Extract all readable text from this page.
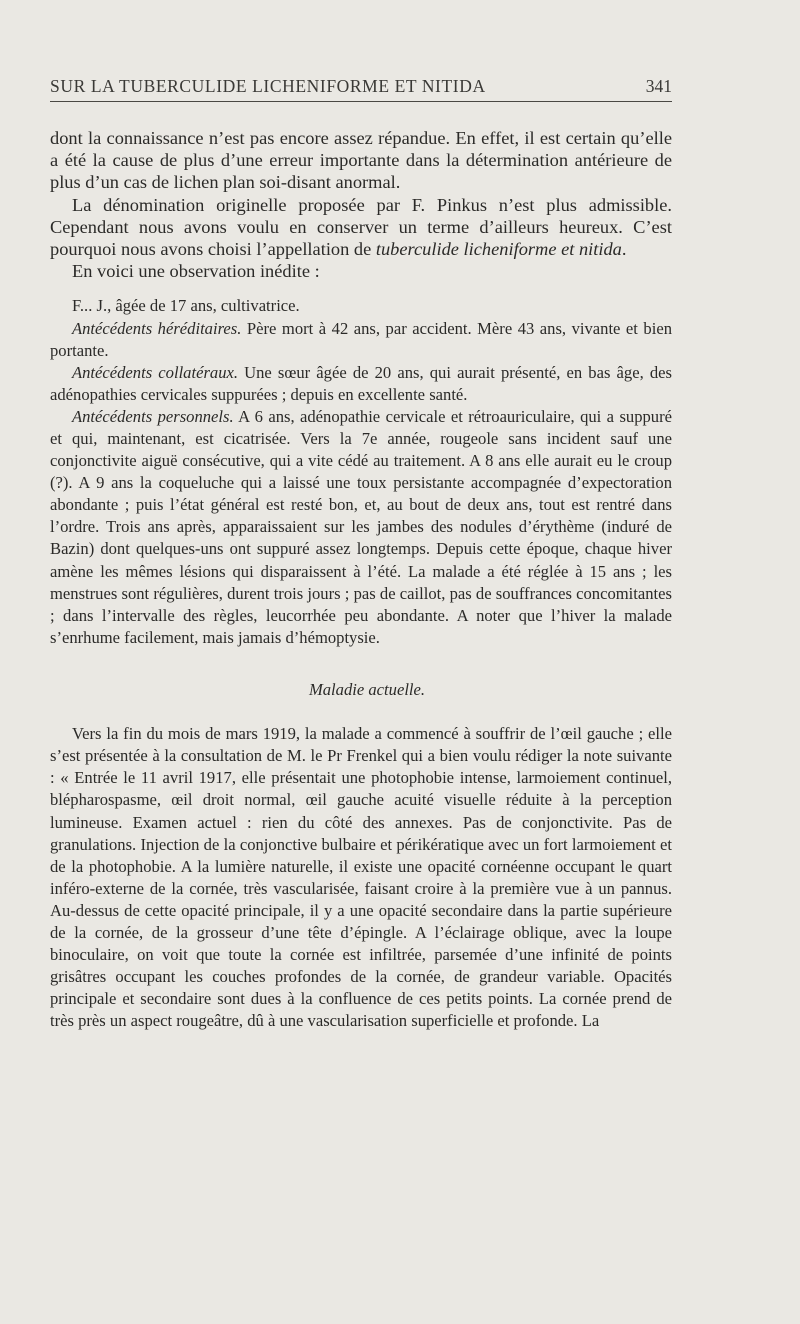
SUR LA TUBERCULIDE LICHENIFORME ET NITIDA	341

dont la connaissance n’est pas encore assez répandue. En effet, il est certain qu’elle a été la cause de plus d’une erreur importante dans la détermination antérieure de plus d’un cas de lichen plan soi-disant anormal.

La dénomination originelle proposée par F. Pinkus n’est plus admissible. Cependant nous avons voulu en conserver un terme d’ailleurs heureux. C’est pourquoi nous avons choisi l’appellation de tuberculide licheniforme et nitida.

En voici une observation inédite :

F... J., âgée de 17 ans, cultivatrice.

Antécédents héréditaires. Père mort à 42 ans, par accident. Mère 43 ans, vivante et bien portante.

Antécédents collatéraux. Une sœur âgée de 20 ans, qui aurait présenté, en bas âge, des adénopathies cervicales suppurées ; depuis en excellente santé.

Antécédents personnels. A 6 ans, adénopathie cervicale et rétroauriculaire, qui a suppuré et qui, maintenant, est cicatrisée. Vers la 7e année, rougeole sans incident sauf une conjonctivite aiguë consécutive, qui a vite cédé au traitement. A 8 ans elle aurait eu le croup (?). A 9 ans la coqueluche qui a laissé une toux persistante accompagnée d’expectoration abondante ; puis l’état général est resté bon, et, au bout de deux ans, tout est rentré dans l’ordre. Trois ans après, apparaissaient sur les jambes des nodules d’érythème (induré de Bazin) dont quelques-uns ont suppuré assez longtemps. Depuis cette époque, chaque hiver amène les mêmes lésions qui disparaissent à l’été. La malade a été réglée à 15 ans ; les menstrues sont régulières, durent trois jours ; pas de caillot, pas de souffrances concomitantes ; dans l’intervalle des règles, leucorrhée peu abondante. A noter que l’hiver la malade s’enrhume facilement, mais jamais d’hémoptysie.

Maladie actuelle.

Vers la fin du mois de mars 1919, la malade a commencé à souffrir de l’œil gauche ; elle s’est présentée à la consultation de M. le Pr Frenkel qui a bien voulu rédiger la note suivante : « Entrée le 11 avril 1917, elle présentait une photophobie intense, larmoiement continuel, blépharospasme, œil droit normal, œil gauche acuité visuelle réduite à la perception lumineuse. Examen actuel : rien du côté des annexes. Pas de conjonctivite. Pas de granulations. Injection de la conjonctive bulbaire et périkératique avec un fort larmoiement et de la photophobie. A la lumière naturelle, il existe une opacité cornéenne occupant le quart inféro-externe de la cornée, très vascularisée, faisant croire à la première vue à un pannus. Au-dessus de cette opacité principale, il y a une opacité secondaire dans la partie supérieure de la cornée, de la grosseur d’une tête d’épingle. A l’éclairage oblique, avec la loupe binoculaire, on voit que toute la cornée est infiltrée, parsemée d’une infinité de points grisâtres occupant les couches profondes de la cornée, de grandeur variable. Opacités principale et secondaire sont dues à la confluence de ces petits points. La cornée prend de très près un aspect rougeâtre, dû à une vascularisation superficielle et profonde. La
